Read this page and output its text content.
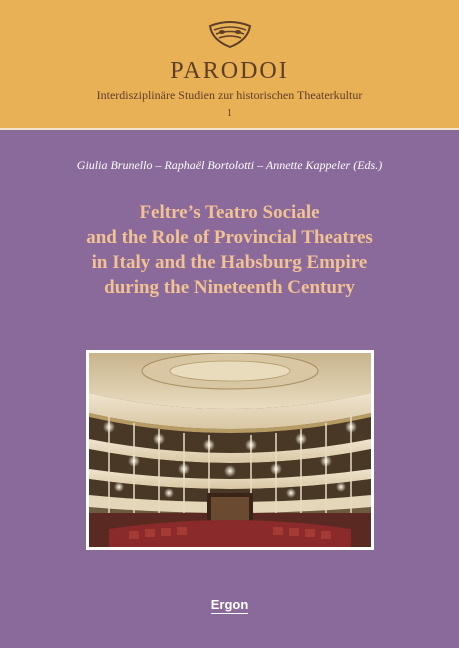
PARODOI
Interdisziplinäre Studien zur historischen Theaterkultur
1
Giulia Brunello – Raphaël Bortolotti – Annette Kappeler (Eds.)
Feltre’s Teatro Sociale
and the Role of Provincial Theatres
in Italy and the Habsburg Empire
during the Nineteenth Century
Ergon
